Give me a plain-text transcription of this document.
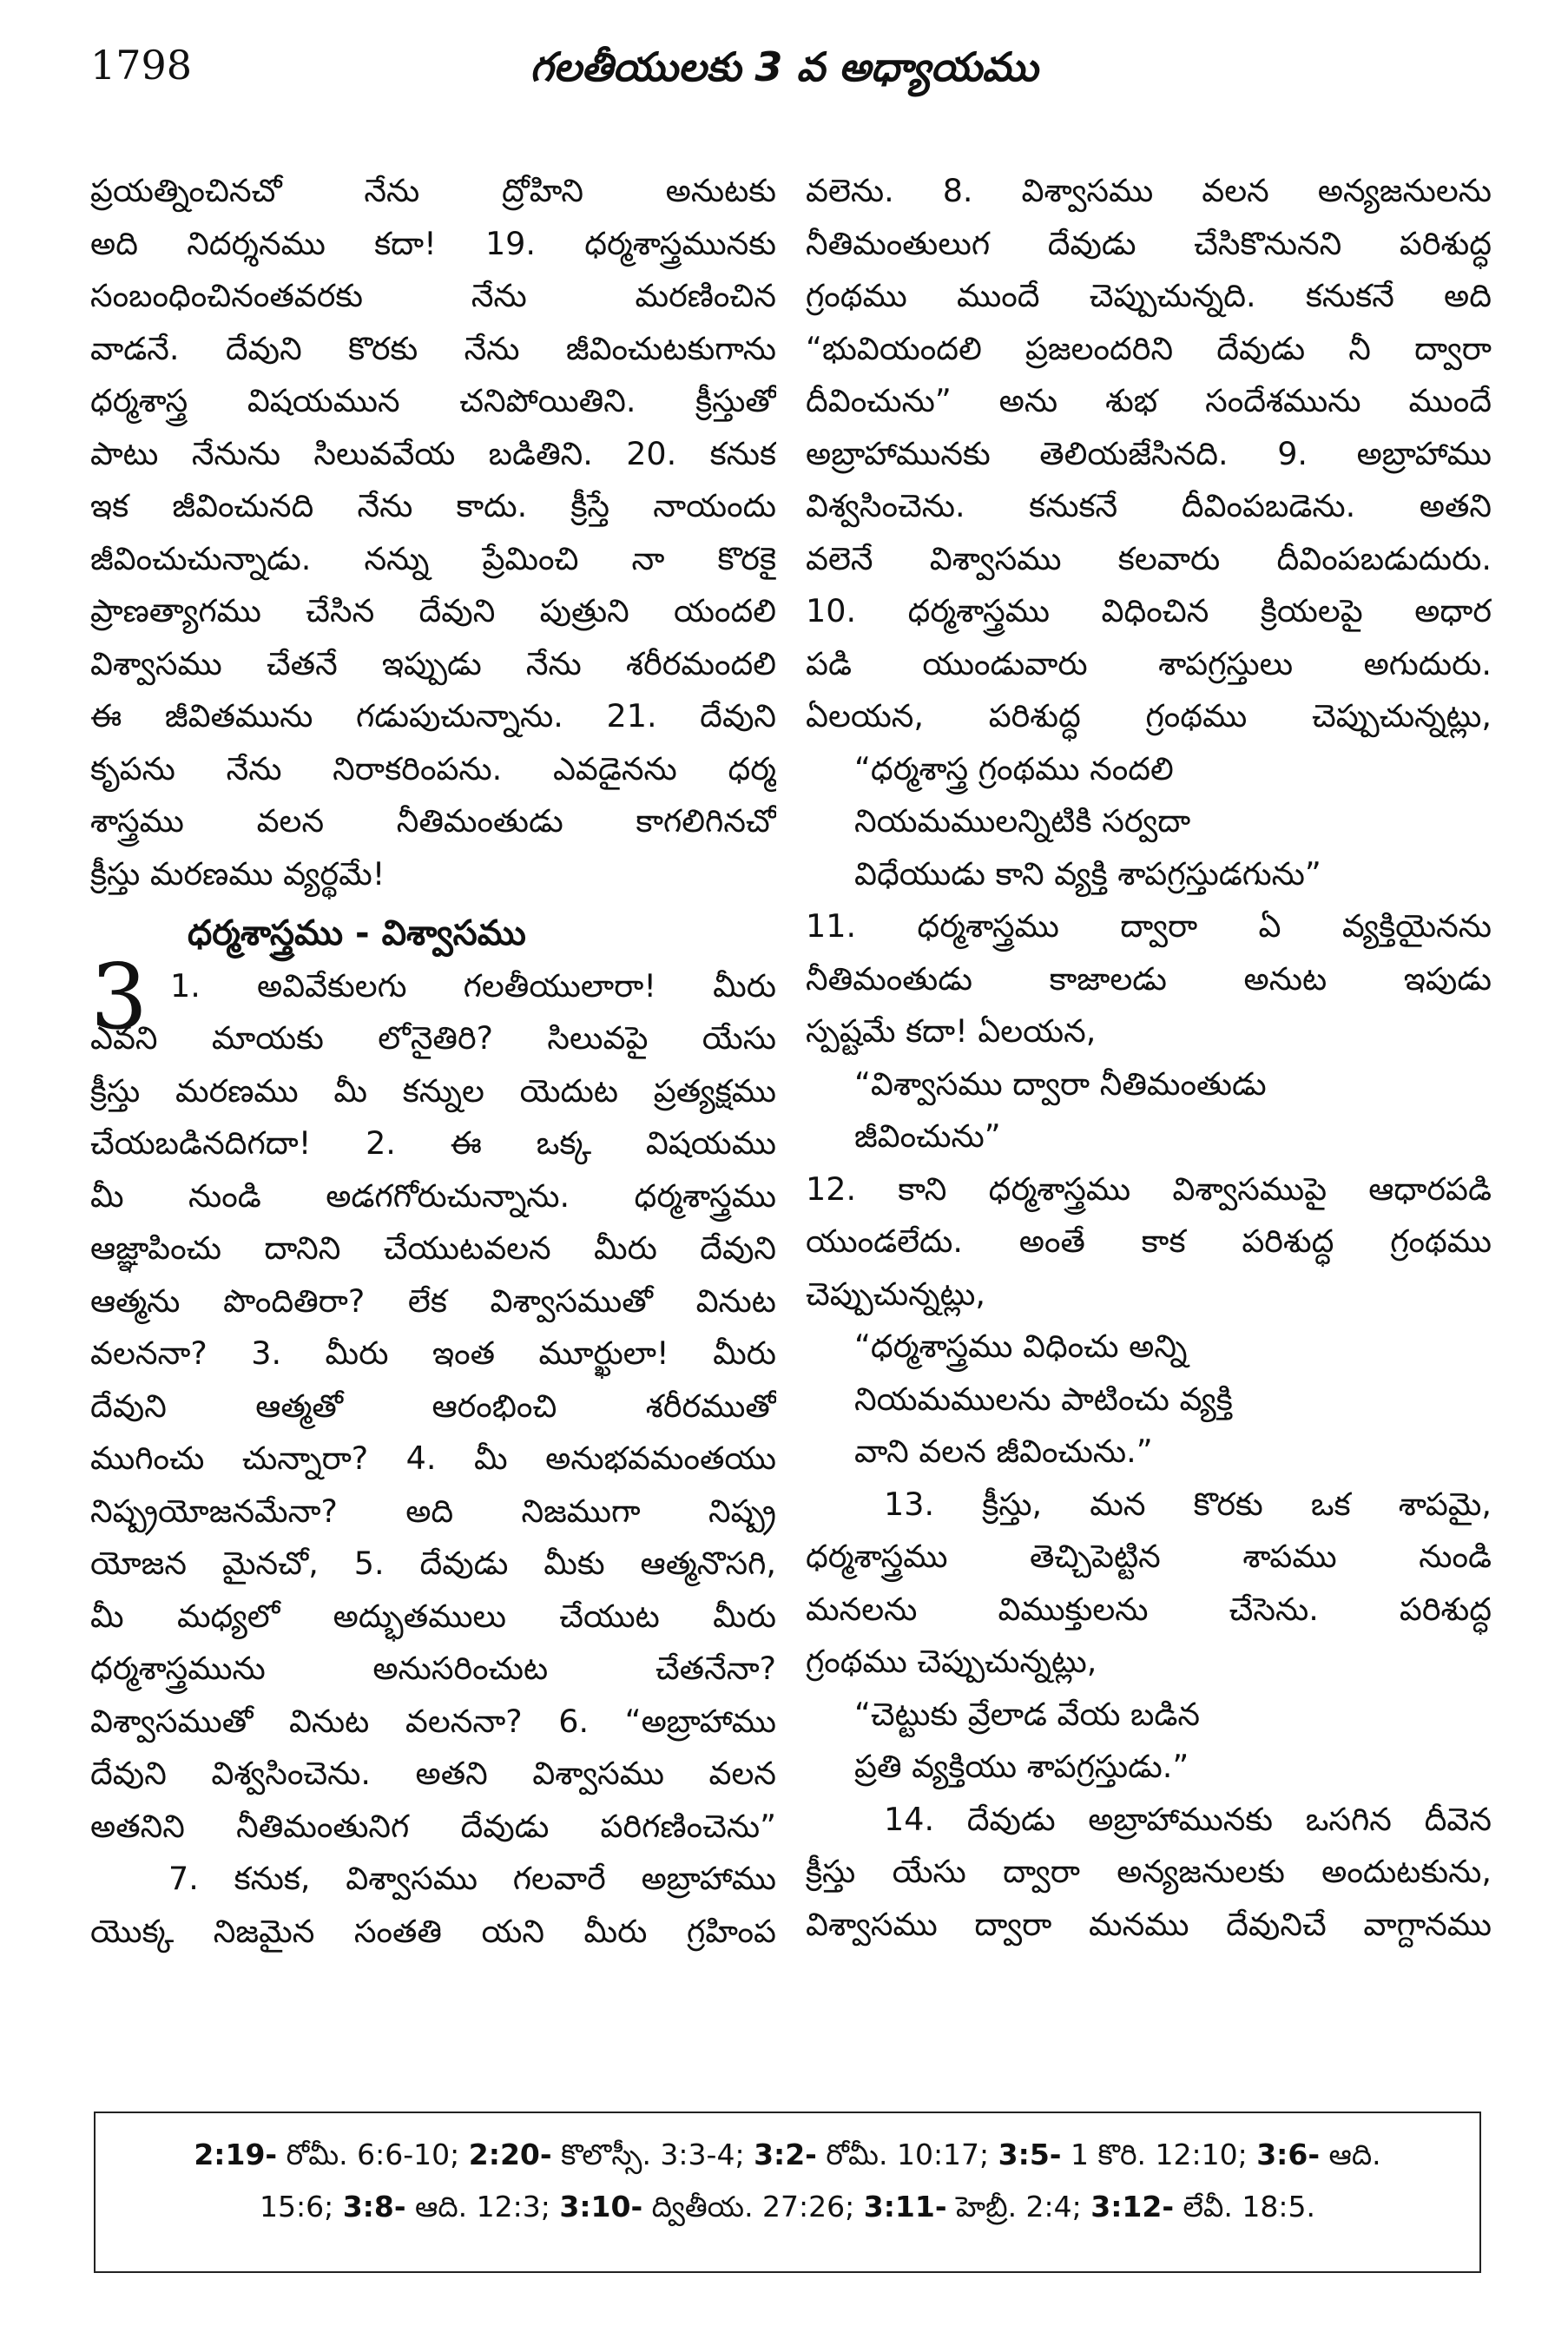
1798	గలతీయులకు 3 వ అధ్యాయము
ప్రయత్నించినచో నేను ద్రోహిని అనుటకు
అది నిదర్శనము కదా! 19. ధర్మశాస్త్రమునకు
సంబంధించినంతవరకు నేను మరణించిన
వాడనే. దేవుని కొరకు నేను జీవించుటకుగాను
ధర్మశాస్త్ర విషయమున చనిపోయితిని. క్రీస్తుతో
పాటు నేనును సిలువవేయ బడితిని. 20. కనుక
ఇక జీవించునది నేను కాదు. క్రీస్తే నాయందు
జీవించుచున్నాడు. నన్ను ప్రేమించి నా కొరకై
ప్రాణత్యాగము చేసిన దేవుని పుత్రుని యందలి
విశ్వాసము చేతనే ఇప్పుడు నేను శరీరమందలి
ఈ జీవితమును గడుపుచున్నాను. 21. దేవుని
కృపను నేను నిరాకరింపను. ఎవడైనను ధర్మ
శాస్త్రము వలన నీతిమంతుడు కాగలిగినచో
క్రీస్తు మరణము వ్యర్థమే!
ధర్మశాస్త్రము - విశ్వాసము
3 1. అవివేకులగు గలతీయులారా! మీరు
ఎవని మాయకు లోనైతిరి? సిలువపై యేసు
క్రీస్తు మరణము మీ కన్నుల యెదుట ప్రత్యక్షము
చేయబడినదిగదా! 2. ఈ ఒక్క విషయము
మీ నుండి అడగగోరుచున్నాను. ధర్మశాస్త్రము
ఆజ్ఞాపించు దానిని చేయుటవలన మీరు దేవుని
ఆత్మను పొందితిరా? లేక విశ్వాసముతో వినుట
వలననా? 3. మీరు ఇంత మూర్ఖులా! మీరు
దేవుని ఆత్మతో ఆరంభించి శరీరముతో
ముగించు చున్నారా? 4. మీ అనుభవమంతయు
నిష్ప్రయోజనమేనా? అది నిజముగా నిష్ప్ర
యోజన మైనచో, 5. దేవుడు మీకు ఆత్మనొసగి,
మీ మధ్యలో అద్భుతములు చేయుట మీరు
ధర్మశాస్త్రమును అనుసరించుట చేతనేనా?
విశ్వాసముతో వినుట వలననా? 6. “అబ్రాహాము
దేవుని విశ్వసించెను. అతని విశ్వాసము వలన
అతనిని నీతిమంతునిగ దేవుడు పరిగణించెను”
7. కనుక, విశ్వాసము గలవారే అబ్రాహాము
యొక్క నిజమైన సంతతి యని మీరు గ్రహింప
వలెను. 8. విశ్వాసము వలన అన్యజనులను
నీతిమంతులుగ దేవుడు చేసికొనునని పరిశుద్ధ
గ్రంథము ముందే చెప్పుచున్నది. కనుకనే అది
“భువియందలి ప్రజలందరిని దేవుడు నీ ద్వారా
దీవించును” అను శుభ సందేశమును ముందే
అబ్రాహామునకు తెలియజేసినది. 9. అబ్రాహాము
విశ్వసించెను. కనుకనే దీవింపబడెను. అతని
వలెనే విశ్వాసము కలవారు దీవింపబడుదురు.
10. ధర్మశాస్త్రము విధించిన క్రియలపై అధార
పడి యుండువారు శాపగ్రస్తులు అగుదురు.
ఏలయన, పరిశుద్ధ గ్రంథము చెప్పుచున్నట్లు,
“ధర్మశాస్త్ర గ్రంథము నందలి
నియమములన్నిటికి సర్వదా
విధేయుడు కాని వ్యక్తి శాపగ్రస్తుడగును”
11. ధర్మశాస్త్రము ద్వారా ఏ వ్యక్తియైనను
నీతిమంతుడు కాజాలడు అనుట ఇపుడు
స్పష్టమే కదా! ఏలయన,
“విశ్వాసము ద్వారా నీతిమంతుడు
జీవించును”
12. కాని ధర్మశాస్త్రము విశ్వాసముపై ఆధారపడి
యుండలేదు. అంతే కాక పరిశుద్ధ గ్రంథము
చెప్పుచున్నట్లు,
“ధర్మశాస్త్రము విధించు అన్ని
నియమములను పాటించు వ్యక్తి
వాని వలన జీవించును.”
13. క్రీస్తు, మన కొరకు ఒక శాపమై,
ధర్మశాస్త్రము తెచ్చిపెట్టిన శాపము నుండి
మనలను విముక్తులను చేసెను. పరిశుద్ధ
గ్రంథము చెప్పుచున్నట్లు,
“చెట్టుకు వ్రేలాడ వేయ బడిన
ప్రతి వ్యక్తియు శాపగ్రస్తుడు.”
14. దేవుడు అబ్రాహామునకు ఒసగిన దీవెన
క్రీస్తు యేసు ద్వారా అన్యజనులకు అందుటకును,
విశ్వాసము ద్వారా మనము దేవునిచే వాగ్దానము
2:19- రోమీ. 6:6-10; 2:20- కొలొస్సీ. 3:3-4; 3:2- రోమీ. 10:17; 3:5- 1 కొరి. 12:10; 3:6- ఆది.
15:6; 3:8- ఆది. 12:3; 3:10- ద్వితీయ. 27:26; 3:11- హెబ్రీ. 2:4; 3:12- లేవీ. 18:5.
